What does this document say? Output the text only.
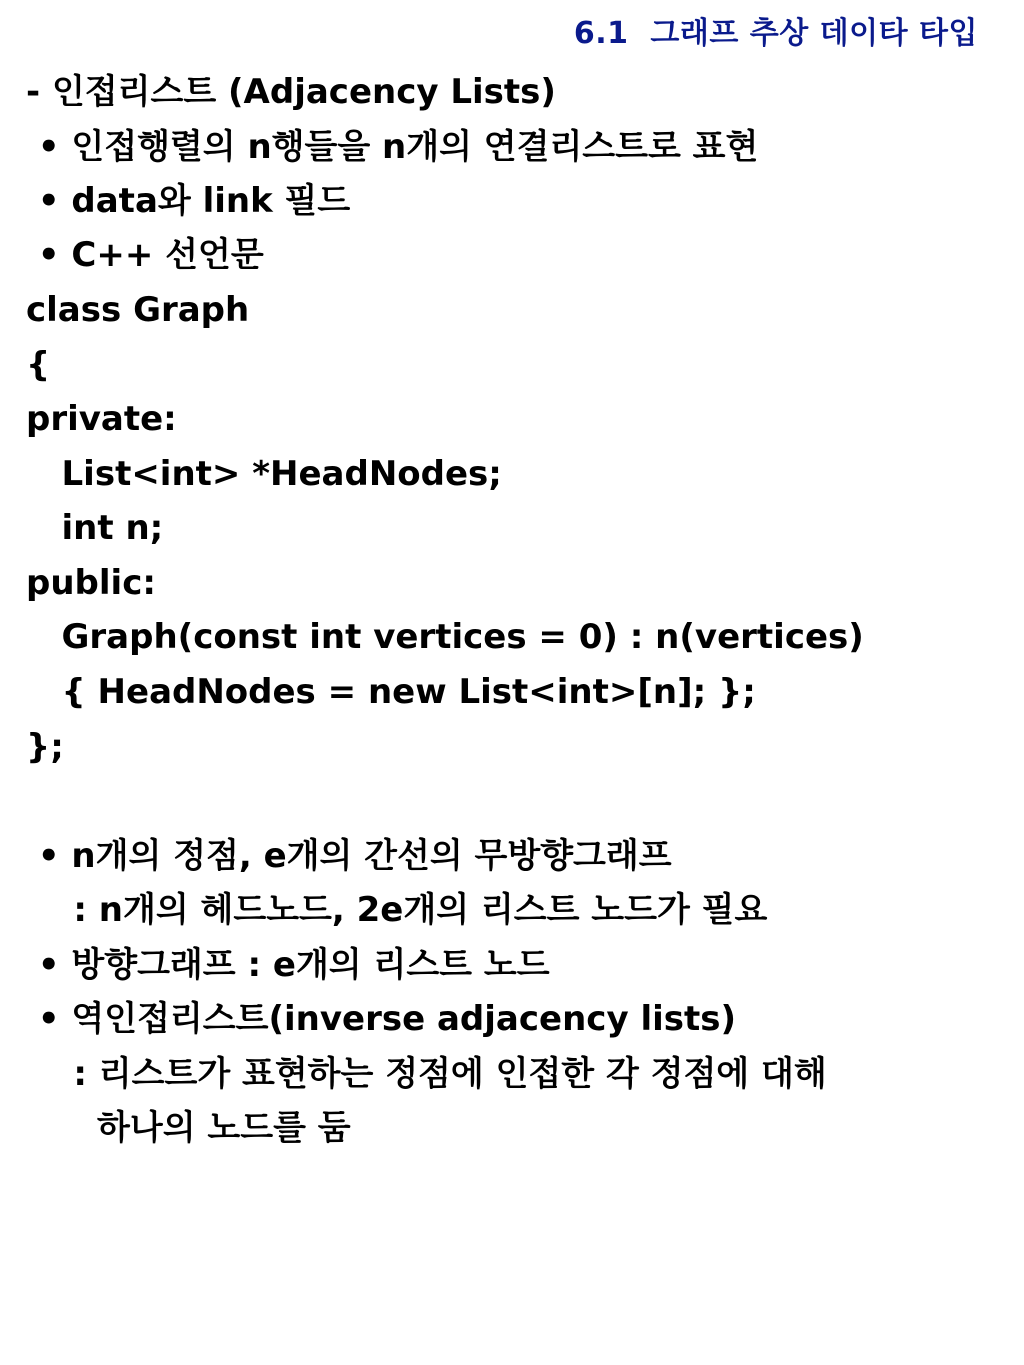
6.1  그래프 추상 데이타 타입
- 인접리스트 (Adjacency Lists)
• 인접행렬의 n행들을 n개의 연결리스트로 표현
• data와 link 필드
• C++ 선언문
class Graph
{
private:
List<int> *HeadNodes;
int n;
public:
Graph(const int vertices = 0) : n(vertices)
{ HeadNodes = new List<int>[n]; };
};
• n개의 정점, e개의 간선의 무방향그래프
: n개의 헤드노드, 2e개의 리스트 노드가 필요
• 방향그래프 : e개의 리스트 노드
• 역인접리스트(inverse adjacency lists)
: 리스트가 표현하는 정점에 인접한 각 정점에 대해
하나의 노드를 둠
